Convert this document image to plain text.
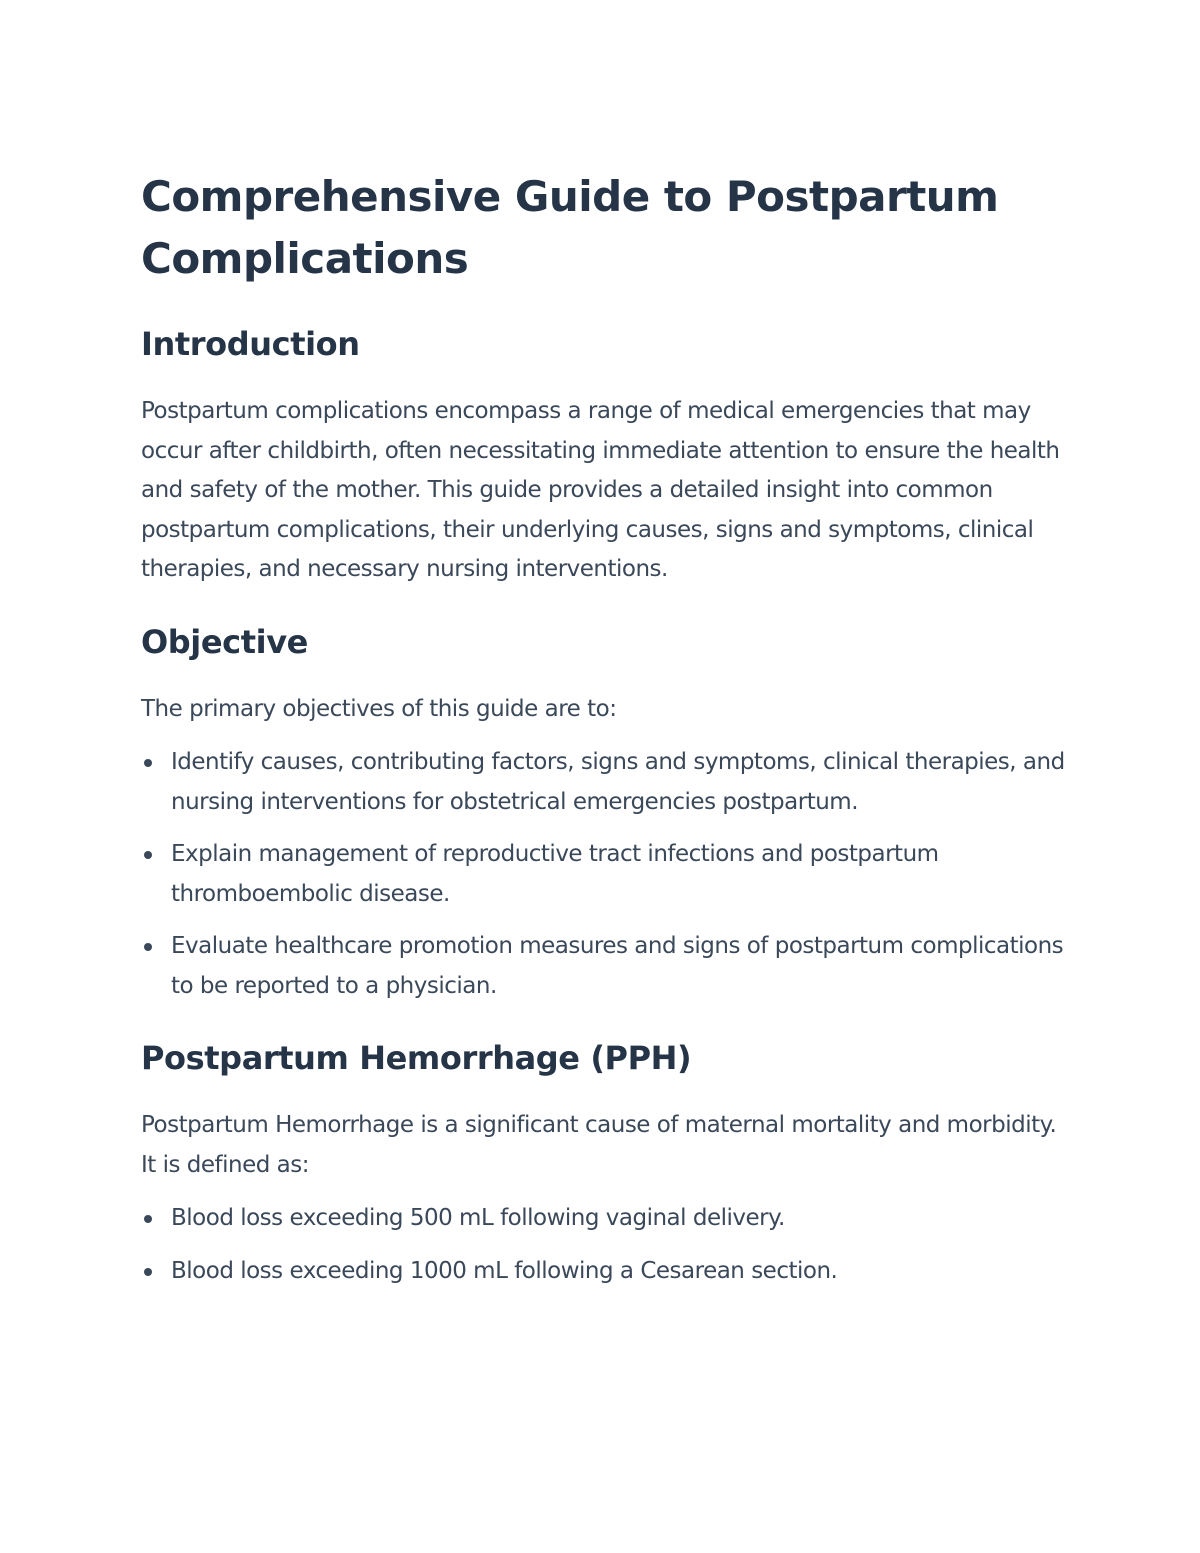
Comprehensive Guide to Postpartum Complications
Introduction

Postpartum complications encompass a range of medical emergencies that may occur after childbirth, often necessitating immediate attention to ensure the health and safety of the mother. This guide provides a detailed insight into common postpartum complications, their underlying causes, signs and symptoms, clinical therapies, and necessary nursing interventions.

Objective

The primary objectives of this guide are to:

Identify causes, contributing factors, signs and symptoms, clinical therapies, and nursing interventions for obstetrical emergencies postpartum.
Explain management of reproductive tract infections and postpartum thromboembolic disease.
Evaluate healthcare promotion measures and signs of postpartum complications to be reported to a physician.
Postpartum Hemorrhage (PPH)

Postpartum Hemorrhage is a significant cause of maternal mortality and morbidity. It is defined as:

Blood loss exceeding 500 mL following vaginal delivery.
Blood loss exceeding 1000 mL following a Cesarean section.
